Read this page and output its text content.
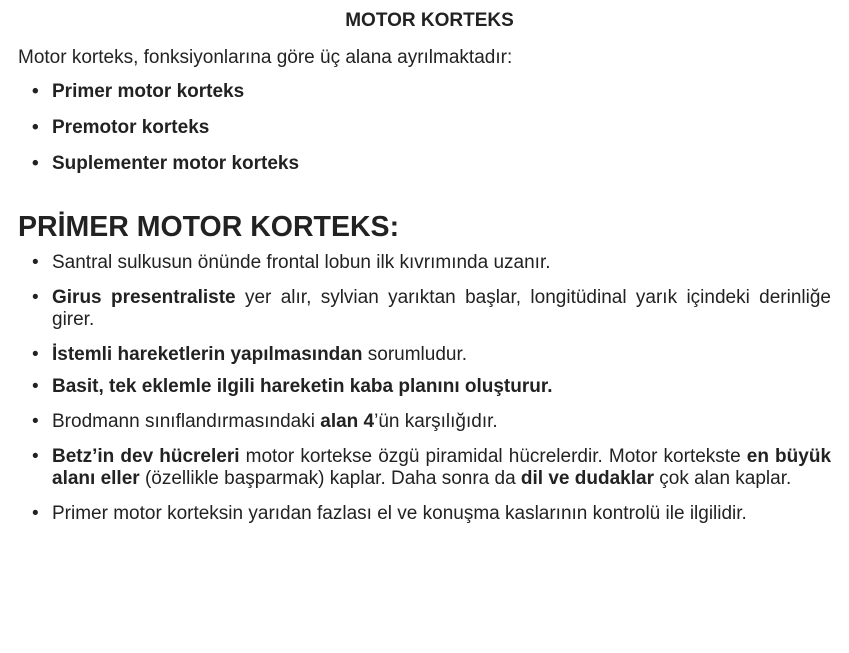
MOTOR KORTEKS

Motor korteks, fonksiyonlarına göre üç alana ayrılmaktadır:

• Primer motor korteks
• Premotor korteks
• Suplementer motor korteks
PRİMER MOTOR KORTEKS:
• Santral sulkusun önünde frontal lobun ilk kıvrımında uzanır.
• Girus presentraliste yer alır, sylvian yarıktan başlar, longitüdinal yarık içindeki derinliğe girer.
• İstemli hareketlerin yapılmasından sorumludur.
• Basit, tek eklemle ilgili hareketin kaba planını oluşturur.
• Brodmann sınıflandırmasındaki alan 4’ün karşılığıdır.
• Betz’in dev hücreleri motor kortekse özgü piramidal hücrelerdir. Motor kortekste en büyük alanı eller (özellikle başparmak) kaplar. Daha sonra da dil ve dudaklar çok alan kaplar.
• Primer motor korteksin yarıdan fazlası el ve konuşma kaslarının kontrolü ile ilgilidir.
